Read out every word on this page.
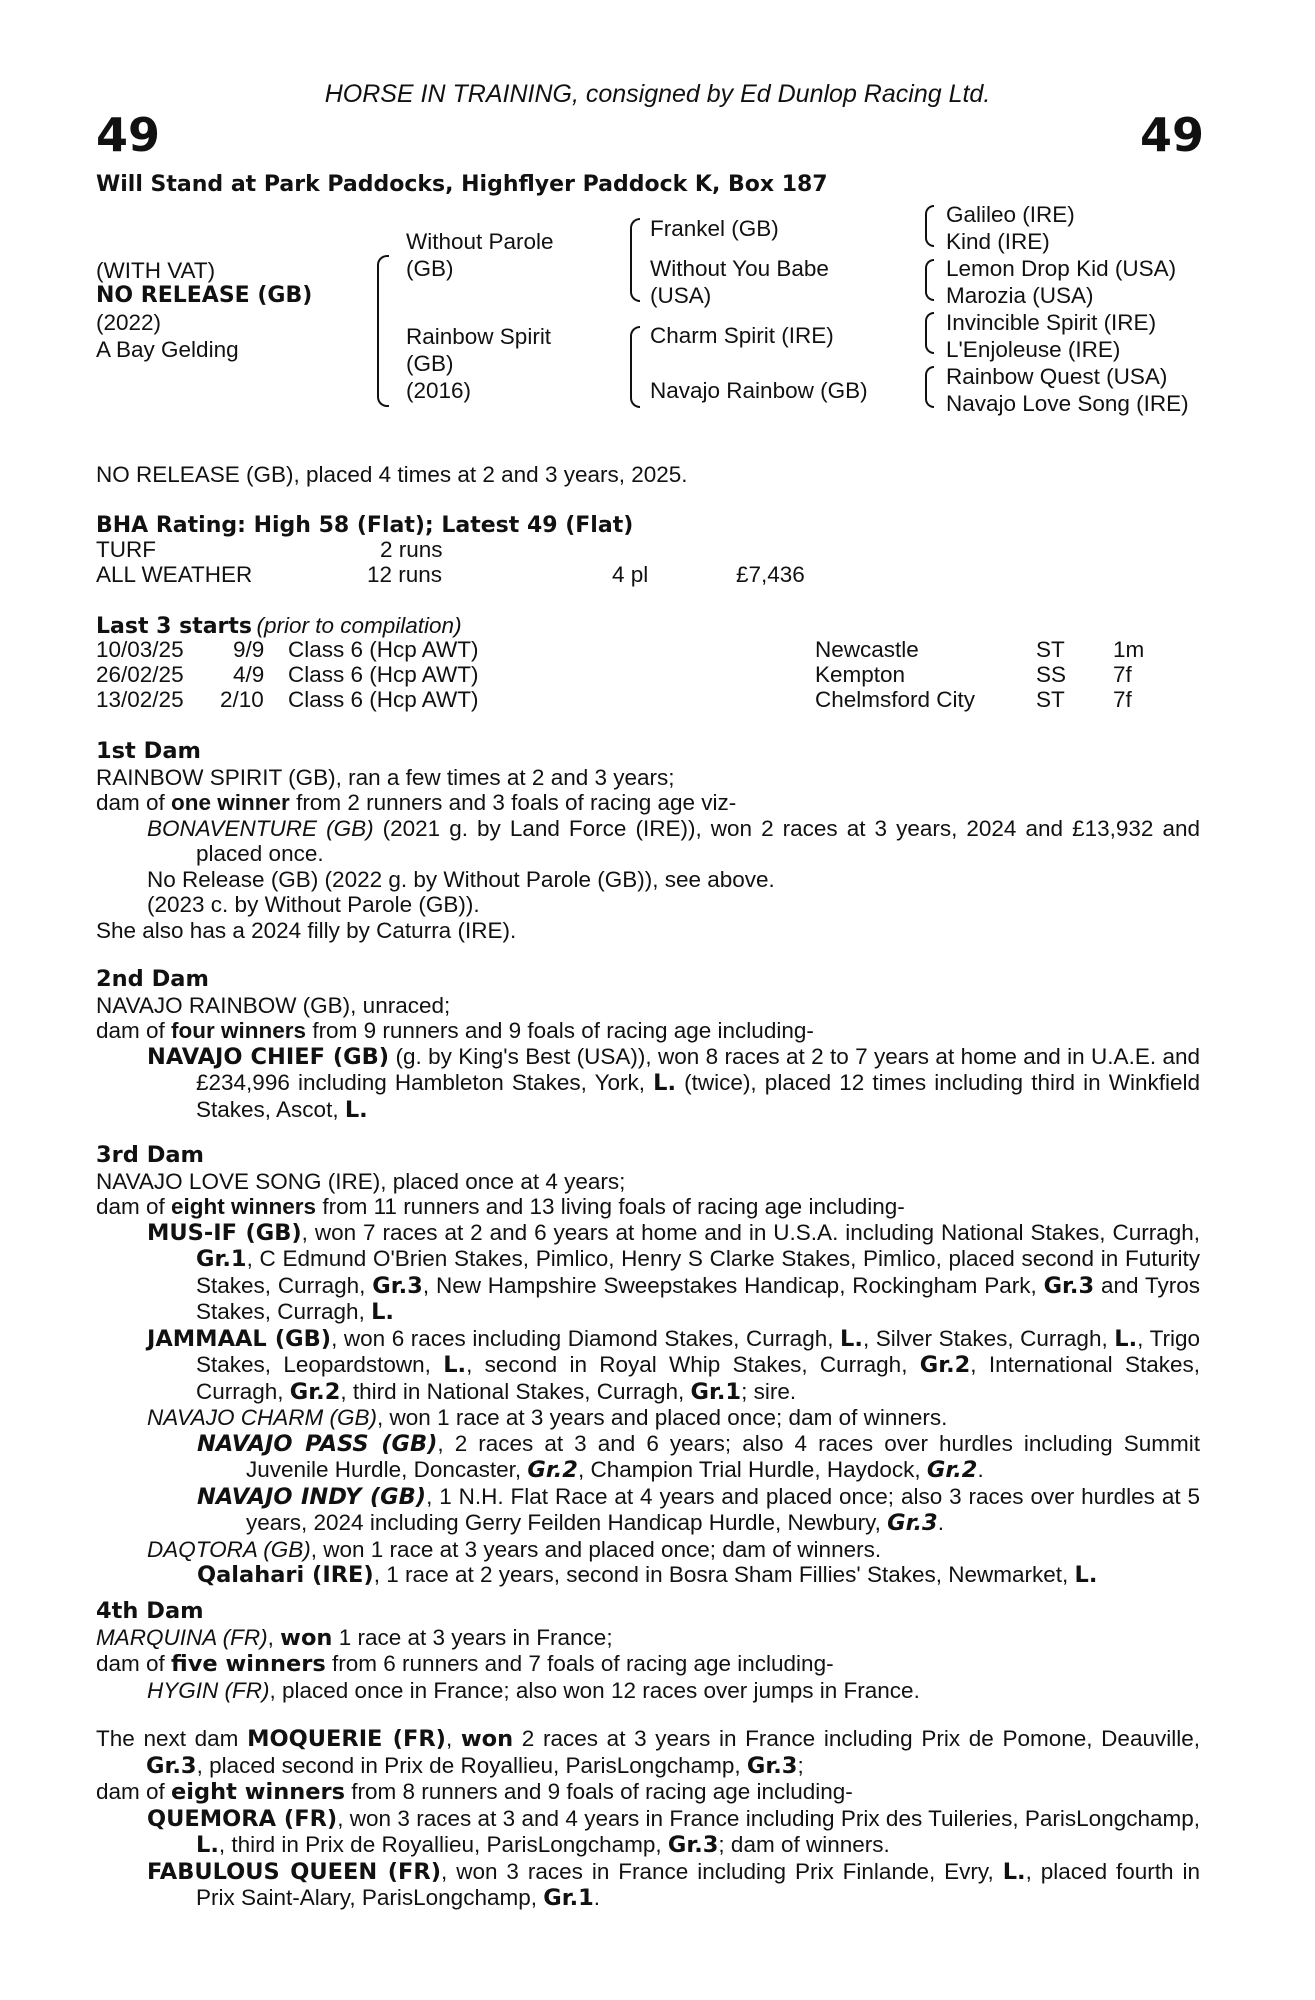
HORSE IN TRAINING, consigned by Ed Dunlop Racing Ltd.
49	49
Will Stand at Park Paddocks, Highflyer Paddock K, Box 187
(WITH VAT)
NO RELEASE (GB)
(2022)
A Bay Gelding
Without Parole
(GB)
Rainbow Spirit
(GB)
(2016)
Frankel (GB)
Without You Babe
(USA)
Charm Spirit (IRE)
Navajo Rainbow (GB)
Galileo (IRE)
Kind (IRE)
Lemon Drop Kid (USA)
Marozia (USA)
Invincible Spirit (IRE)
L'Enjoleuse (IRE)
Rainbow Quest (USA)
Navajo Love Song (IRE)
NO RELEASE (GB), placed 4 times at 2 and 3 years, 2025.
BHA Rating: High 58 (Flat); Latest 49 (Flat)
TURF	2 runs
ALL WEATHER	12 runs	4 pl	£7,436
Last 3 starts (prior to compilation)
10/03/25 9/9 Class 6 (Hcp AWT)	Newcastle	ST 1m
26/02/25 4/9 Class 6 (Hcp AWT)	Kempton	SS 7f
13/02/25 2/10 Class 6 (Hcp AWT)	Chelmsford City	ST 7f

1st Dam

RAINBOW SPIRIT (GB), ran a few times at 2 and 3 years;

dam of one winner from 2 runners and 3 foals of racing age viz-

BONAVENTURE (GB) (2021 g. by Land Force (IRE)), won 2 races at 3 years, 2024 and £13,932 and placed once.

No Release (GB) (2022 g. by Without Parole (GB)), see above.

(2023 c. by Without Parole (GB)).

She also has a 2024 filly by Caturra (IRE).

2nd Dam

NAVAJO RAINBOW (GB), unraced;

dam of four winners from 9 runners and 9 foals of racing age including-

NAVAJO CHIEF (GB) (g. by King's Best (USA)), won 8 races at 2 to 7 years at home and in U.A.E. and £234,996 including Hambleton Stakes, York, L. (twice), placed 12 times including third in Winkfield Stakes, Ascot, L.

3rd Dam

NAVAJO LOVE SONG (IRE), placed once at 4 years;

dam of eight winners from 11 runners and 13 living foals of racing age including-

MUS-IF (GB), won 7 races at 2 and 6 years at home and in U.S.A. including National Stakes, Curragh, Gr.1, C Edmund O'Brien Stakes, Pimlico, Henry S Clarke Stakes, Pimlico, placed second in Futurity Stakes, Curragh, Gr.3, New Hampshire Sweepstakes Handicap, Rockingham Park, Gr.3 and Tyros Stakes, Curragh, L.

JAMMAAL (GB), won 6 races including Diamond Stakes, Curragh, L., Silver Stakes, Curragh, L., Trigo Stakes, Leopardstown, L., second in Royal Whip Stakes, Curragh, Gr.2, International Stakes, Curragh, Gr.2, third in National Stakes, Curragh, Gr.1; sire.

NAVAJO CHARM (GB), won 1 race at 3 years and placed once; dam of winners.

NAVAJO PASS (GB), 2 races at 3 and 6 years; also 4 races over hurdles including Summit Juvenile Hurdle, Doncaster, Gr.2, Champion Trial Hurdle, Haydock, Gr.2.

NAVAJO INDY (GB), 1 N.H. Flat Race at 4 years and placed once; also 3 races over hurdles at 5 years, 2024 including Gerry Feilden Handicap Hurdle, Newbury, Gr.3.

DAQTORA (GB), won 1 race at 3 years and placed once; dam of winners.

Qalahari (IRE), 1 race at 2 years, second in Bosra Sham Fillies' Stakes, Newmarket, L.

4th Dam

MARQUINA (FR), won 1 race at 3 years in France;

dam of five winners from 6 runners and 7 foals of racing age including-

HYGIN (FR), placed once in France; also won 12 races over jumps in France.

The next dam MOQUERIE (FR), won 2 races at 3 years in France including Prix de Pomone, Deauville, Gr.3, placed second in Prix de Royallieu, ParisLongchamp, Gr.3;

dam of eight winners from 8 runners and 9 foals of racing age including-

QUEMORA (FR), won 3 races at 3 and 4 years in France including Prix des Tuileries, ParisLongchamp, L., third in Prix de Royallieu, ParisLongchamp, Gr.3; dam of winners.

FABULOUS QUEEN (FR), won 3 races in France including Prix Finlande, Evry, L., placed fourth in Prix Saint-Alary, ParisLongchamp, Gr.1.
